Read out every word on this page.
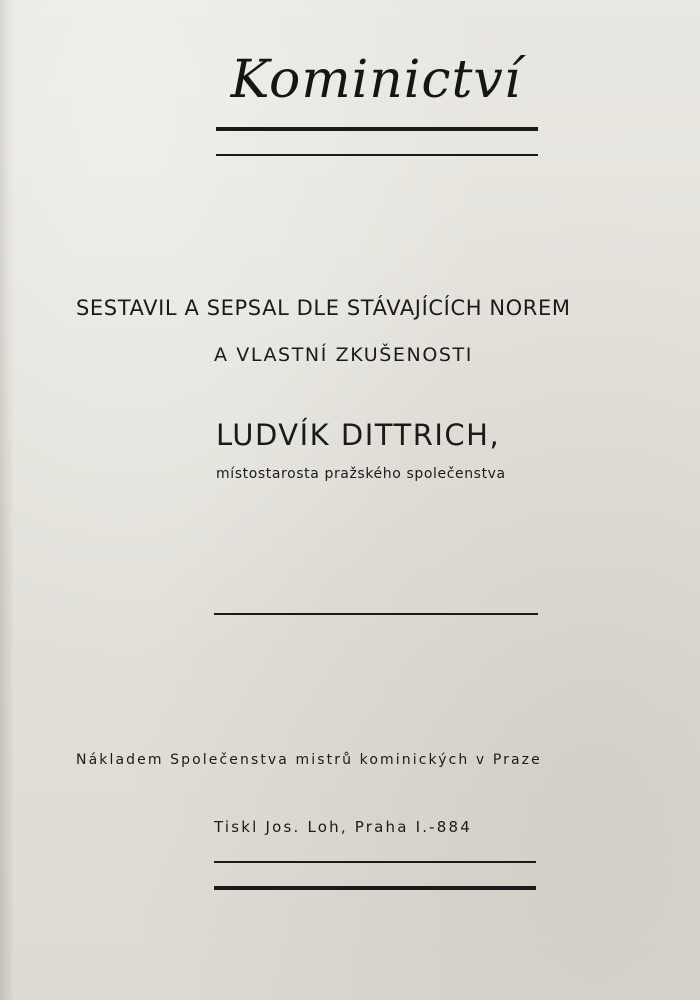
Kominictví
SESTAVIL A SEPSAL DLE STÁVAJÍCÍCH NOREM
A VLASTNÍ ZKUŠENOSTI
LUDVÍK DITTRICH,
místostarosta pražského společenstva
Nákladem Společenstva mistrů kominických v Praze
Tiskl Jos. Loh, Praha I.-884
